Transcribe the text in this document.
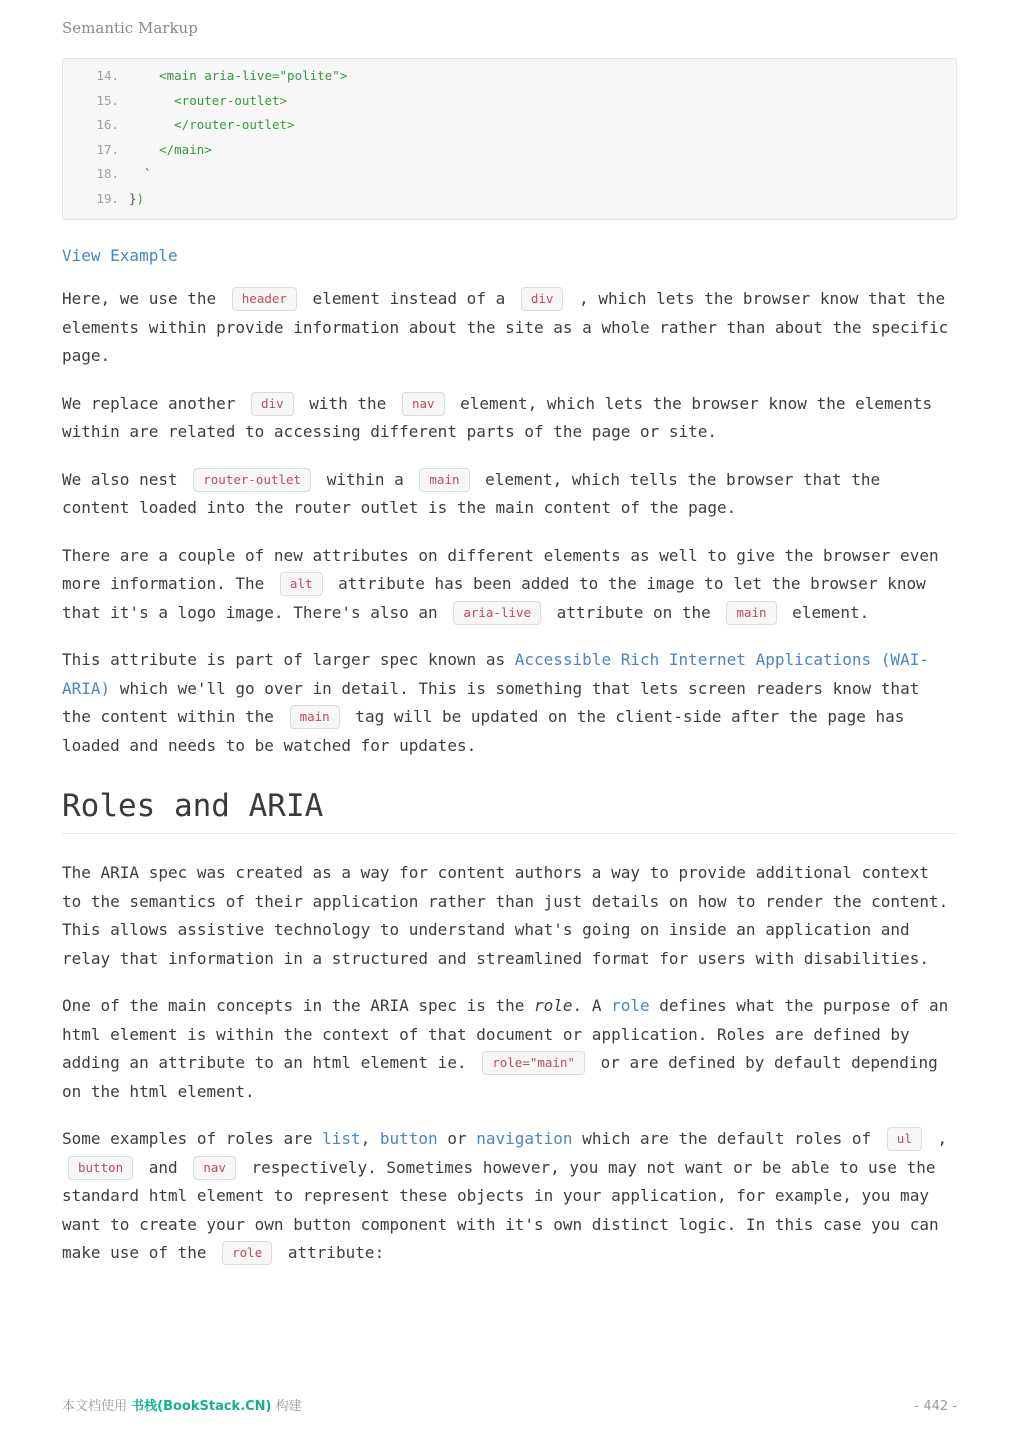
Semantic Markup
14. <main aria-live="polite">
15. <router-outlet>
16. </router-outlet>
17. </main>
18. `
19. })
View Example

Here, we use the header element instead of a div , which lets the browser know that the elements within provide information about the site as a whole rather than about the specific page.

We replace another div with the nav element, which lets the browser know the elements within are related to accessing different parts of the page or site.

We also nest router-outlet within a main element, which tells the browser that the content loaded into the router outlet is the main content of the page.

There are a couple of new attributes on different elements as well to give the browser even more information. The alt attribute has been added to the image to let the browser know that it's a logo image. There's also an aria-live attribute on the main element.

This attribute is part of larger spec known as Accessible Rich Internet Applications (WAI-ARIA) which we'll go over in detail. This is something that lets screen readers know that the content within the main tag will be updated on the client-side after the page has loaded and needs to be watched for updates.

Roles and ARIA

The ARIA spec was created as a way for content authors a way to provide additional context to the semantics of their application rather than just details on how to render the content. This allows assistive technology to understand what's going on inside an application and relay that information in a structured and streamlined format for users with disabilities.

One of the main concepts in the ARIA spec is the role. A role defines what the purpose of an html element is within the context of that document or application. Roles are defined by adding an attribute to an html element ie. role="main" or are defined by default depending on the html element.

Some examples of roles are list, button or navigation which are the default roles of ul , button and nav respectively. Sometimes however, you may not want or be able to use the standard html element to represent these objects in your application, for example, you may want to create your own button component with it's own distinct logic. In this case you can make use of the role attribute:

本文档使用 书栈(BookStack.CN) 构建	- 442 -
